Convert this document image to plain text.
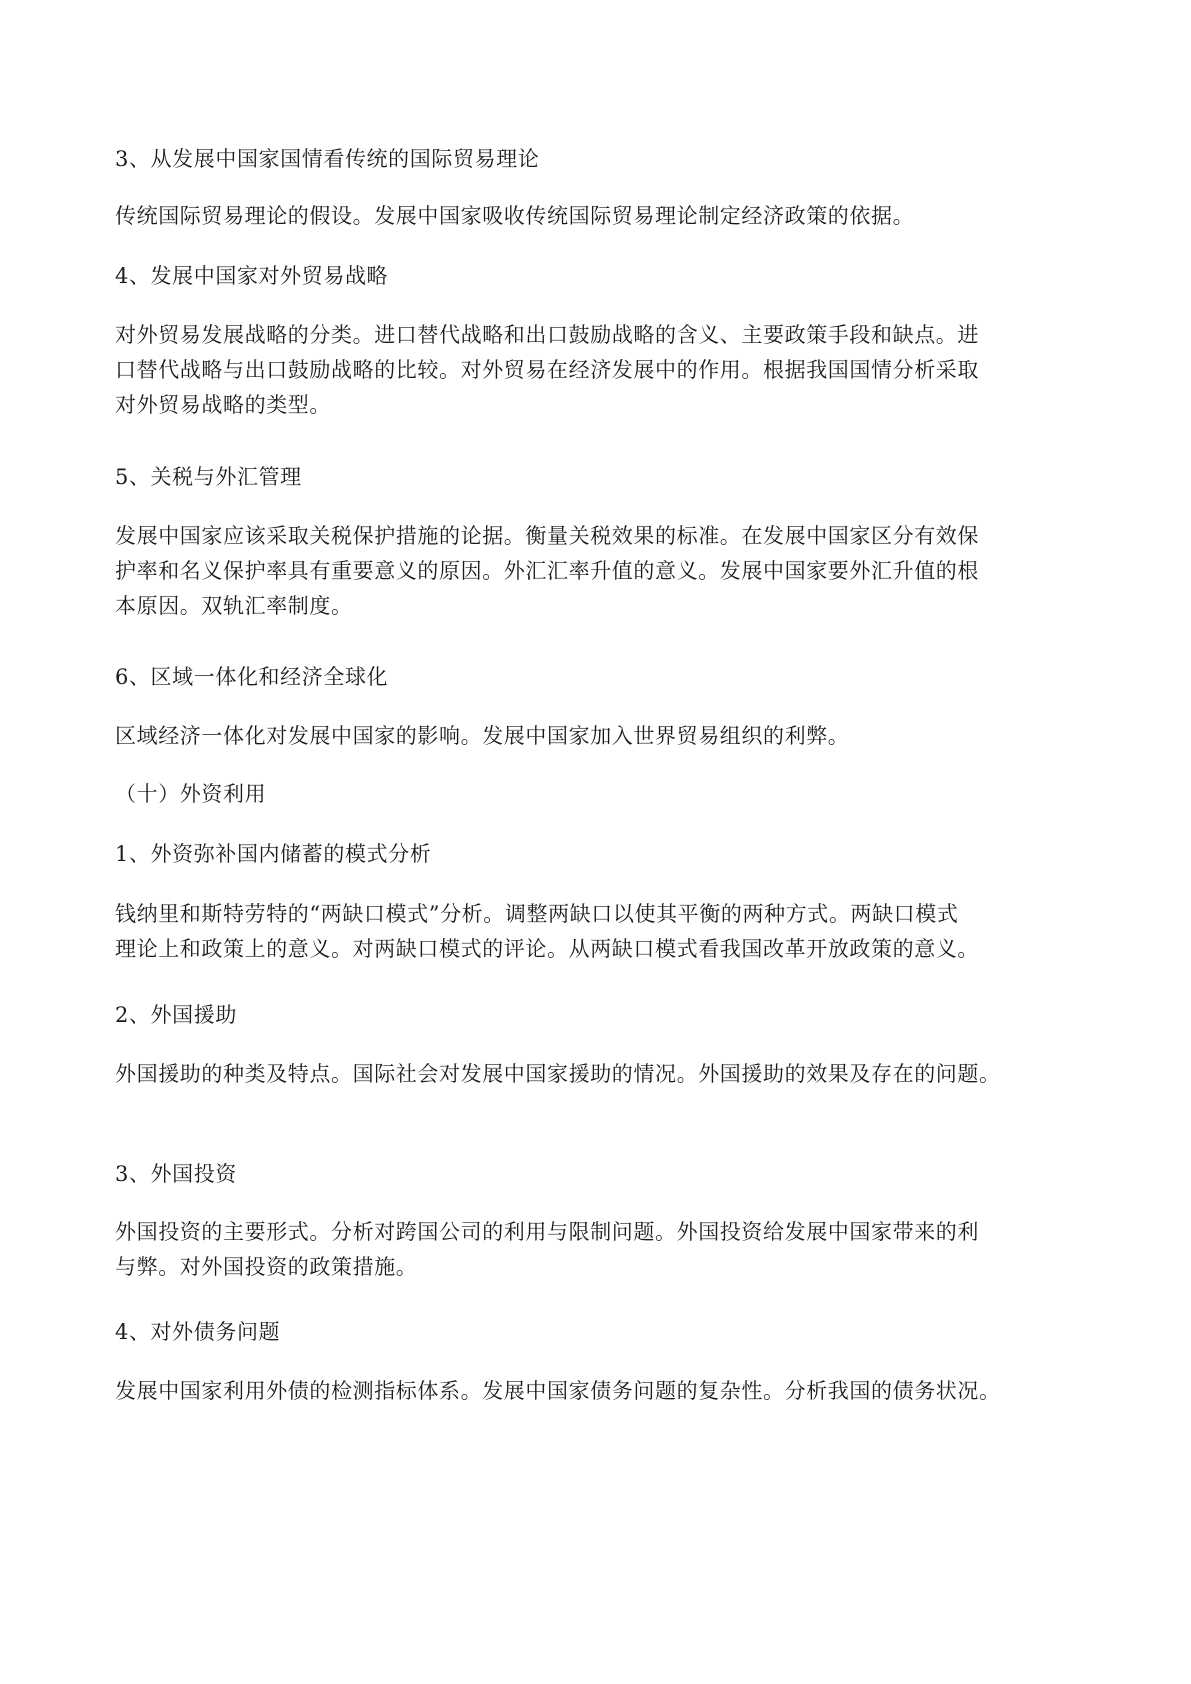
3、从发展中国家国情看传统的国际贸易理论
传统国际贸易理论的假设。发展中国家吸收传统国际贸易理论制定经济政策的依据。
4、发展中国家对外贸易战略
对外贸易发展战略的分类。进口替代战略和出口鼓励战略的含义、主要政策手段和缺点。进
口替代战略与出口鼓励战略的比较。对外贸易在经济发展中的作用。根据我国国情分析采取
对外贸易战略的类型。
5、关税与外汇管理
发展中国家应该采取关税保护措施的论据。衡量关税效果的标准。在发展中国家区分有效保
护率和名义保护率具有重要意义的原因。外汇汇率升值的意义。发展中国家要外汇升值的根
本原因。双轨汇率制度。
6、区域一体化和经济全球化
区域经济一体化对发展中国家的影响。发展中国家加入世界贸易组织的利弊。
（十）外资利用
1、外资弥补国内储蓄的模式分析
钱纳里和斯特劳特的“两缺口模式”分析。调整两缺口以使其平衡的两种方式。两缺口模式
理论上和政策上的意义。对两缺口模式的评论。从两缺口模式看我国改革开放政策的意义。
2、外国援助
外国援助的种类及特点。国际社会对发展中国家援助的情况。外国援助的效果及存在的问题。
3、外国投资
外国投资的主要形式。分析对跨国公司的利用与限制问题。外国投资给发展中国家带来的利
与弊。对外国投资的政策措施。
4、对外债务问题
发展中国家利用外债的检测指标体系。发展中国家债务问题的复杂性。分析我国的债务状况。
